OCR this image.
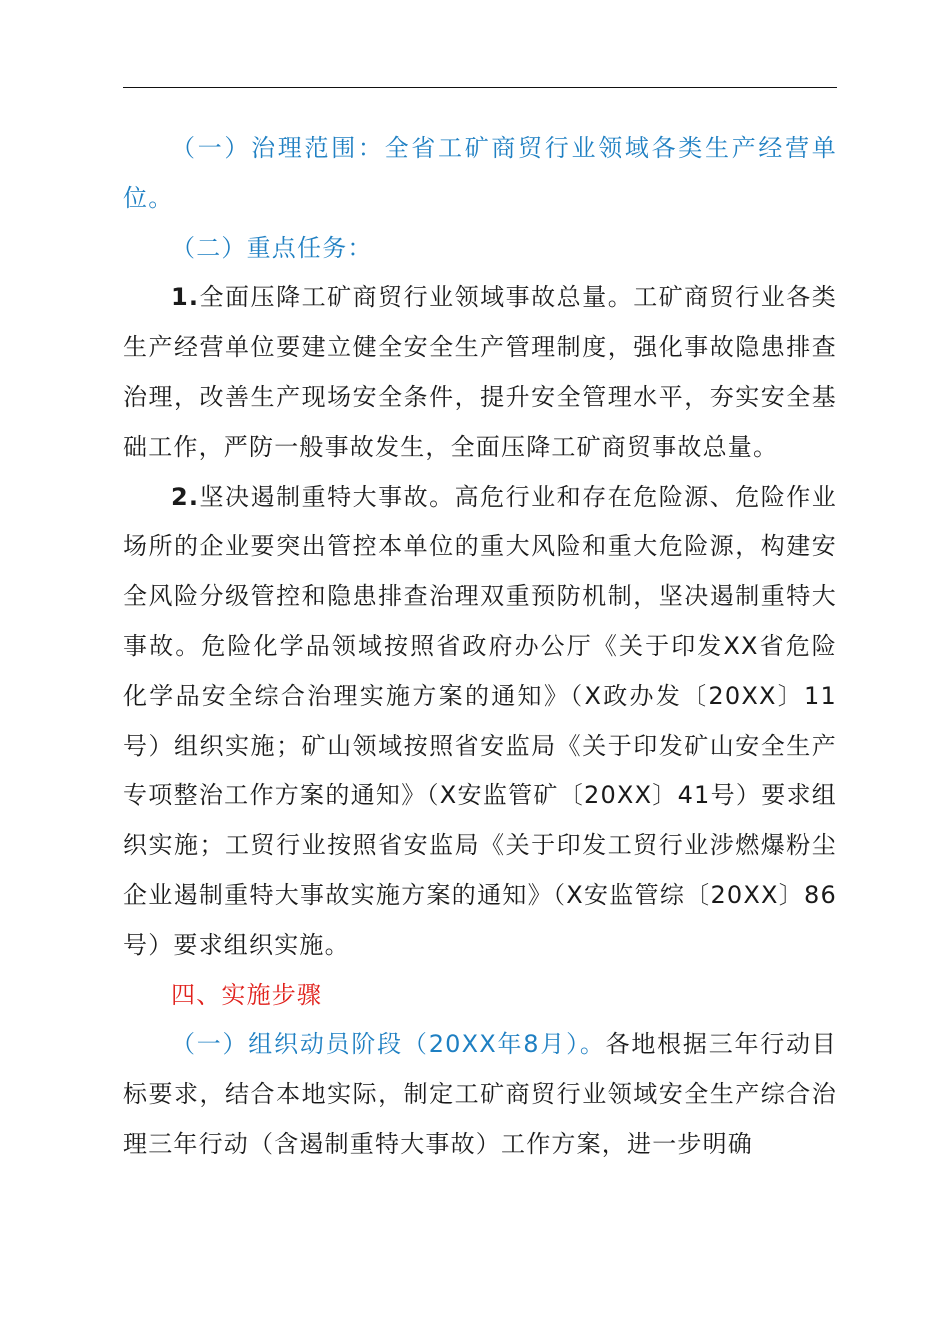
（一）治理范围：全省工矿商贸行业领域各类生产经营单位。

（二）重点任务：

1.全面压降工矿商贸行业领域事故总量。工矿商贸行业各类生产经营单位要建立健全安全生产管理制度，强化事故隐患排查治理，改善生产现场安全条件，提升安全管理水平，夯实安全基础工作，严防一般事故发生，全面压降工矿商贸事故总量。

2.坚决遏制重特大事故。高危行业和存在危险源、危险作业场所的企业要突出管控本单位的重大风险和重大危险源，构建安全风险分级管控和隐患排查治理双重预防机制，坚决遏制重特大事故。危险化学品领域按照省政府办公厅《关于印发XX省危险化学品安全综合治理实施方案的通知》（X政办发〔20XX〕11号）组织实施；矿山领域按照省安监局《关于印发矿山安全生产专项整治工作方案的通知》（X安监管矿〔20XX〕41号）要求组织实施；工贸行业按照省安监局《关于印发工贸行业涉燃爆粉尘企业遏制重特大事故实施方案的通知》（X安监管综〔20XX〕86号）要求组织实施。

四、实施步骤

（一）组织动员阶段（20XX年8月）。各地根据三年行动目标要求，结合本地实际，制定工矿商贸行业领域安全生产综合治理三年行动（含遏制重特大事故）工作方案，进一步明确
